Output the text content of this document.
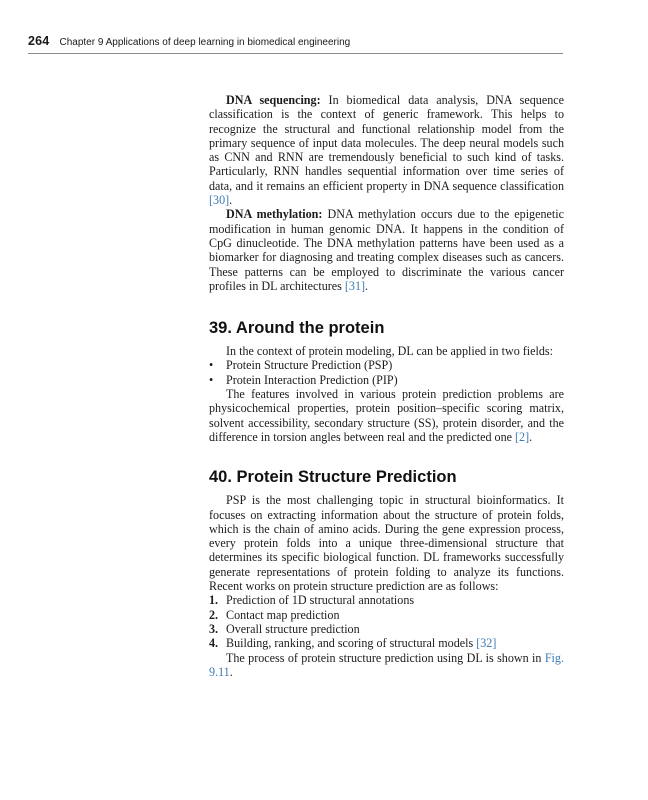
264 Chapter 9 Applications of deep learning in biomedical engineering

DNA sequencing: In biomedical data analysis, DNA sequence classification is the context of generic framework. This helps to recognize the structural and functional relationship model from the primary sequence of input data molecules. The deep neural models such as CNN and RNN are tremendously beneficial to such kind of tasks. Particularly, RNN handles sequential information over time series of data, and it remains an efficient property in DNA sequence classification [30].

DNA methylation: DNA methylation occurs due to the epigenetic modification in human genomic DNA. It happens in the condition of CpG dinucleotide. The DNA methylation patterns have been used as a biomarker for diagnosing and treating complex diseases such as cancers. These patterns can be employed to discriminate the various cancer profiles in DL architectures [31].

39. Around the protein

In the context of protein modeling, DL can be applied in two fields:

• Protein Structure Prediction (PSP)
• Protein Interaction Prediction (PIP)

The features involved in various protein prediction problems are physicochemical properties, protein position–specific scoring matrix, solvent accessibility, secondary structure (SS), protein disorder, and the difference in torsion angles between real and the predicted one [2].

40. Protein Structure Prediction

PSP is the most challenging topic in structural bioinformatics. It focuses on extracting information about the structure of protein folds, which is the chain of amino acids. During the gene expression process, every protein folds into a unique three-dimensional structure that determines its specific biological function. DL frameworks successfully generate representations of protein folding to analyze its functions. Recent works on protein structure prediction are as follows:

1. Prediction of 1D structural annotations
2. Contact map prediction
3. Overall structure prediction
4. Building, ranking, and scoring of structural models [32]

The process of protein structure prediction using DL is shown in Fig. 9.11.
